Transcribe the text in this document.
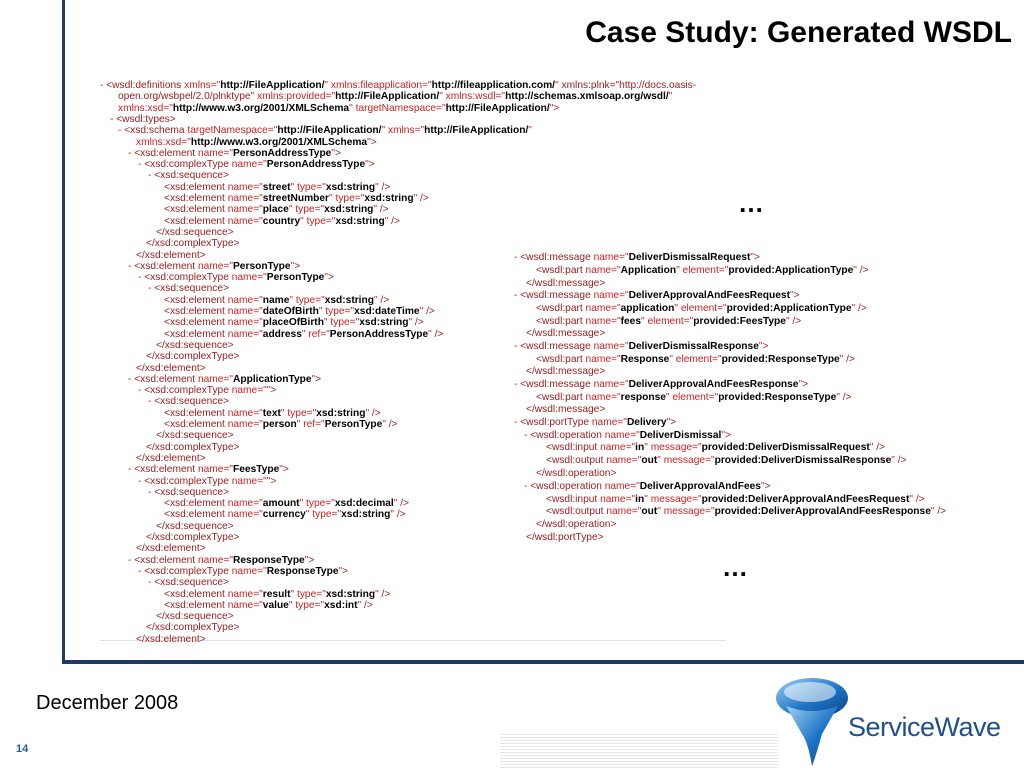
Case Study: Generated WSDL
- <wsdl:definitions xmlns="http://FileApplication/" xmlns:fileapplication="http://fileapplication.com/" xmlns:plnk="http://docs.oasis-
open.org/wsbpel/2.0/plnktype" xmlns:provided="http://FileApplication/" xmlns:wsdl="http://schemas.xmlsoap.org/wsdl/"
xmlns:xsd="http://www.w3.org/2001/XMLSchema" targetNamespace="http://FileApplication/">
- <wsdl:types>
- <xsd:schema targetNamespace="http://FileApplication/" xmlns="http://FileApplication/"
xmlns:xsd="http://www.w3.org/2001/XMLSchema">
- <xsd:element name="PersonAddressType">
- <xsd:complexType name="PersonAddressType">
- <xsd:sequence>
<xsd:element name="street" type="xsd:string" />
<xsd:element name="streetNumber" type="xsd:string" />
<xsd:element name="place" type="xsd:string" />
<xsd:element name="country" type="xsd:string" />
</xsd:sequence>
</xsd:complexType>
</xsd:element>
- <xsd:element name="PersonType">
- <xsd:complexType name="PersonType">
- <xsd:sequence>
<xsd:element name="name" type="xsd:string" />
<xsd:element name="dateOfBirth" type="xsd:dateTime" />
<xsd:element name="placeOfBirth" type="xsd:string" />
<xsd:element name="address" ref="PersonAddressType" />
</xsd:sequence>
</xsd:complexType>
</xsd:element>
- <xsd:element name="ApplicationType">
- <xsd:complexType name="">
- <xsd:sequence>
<xsd:element name="text" type="xsd:string" />
<xsd:element name="person" ref="PersonType" />
</xsd:sequence>
</xsd:complexType>
</xsd:element>
- <xsd:element name="FeesType">
- <xsd:complexType name="">
- <xsd:sequence>
<xsd:element name="amount" type="xsd:decimal" />
<xsd:element name="currency" type="xsd:string" />
</xsd:sequence>
</xsd:complexType>
</xsd:element>
- <xsd:element name="ResponseType">
- <xsd:complexType name="ResponseType">
- <xsd:sequence>
<xsd:element name="result" type="xsd:string" />
<xsd:element name="value" type="xsd:int" />
</xsd:sequence>
</xsd:complexType>
</xsd:element>
- <wsdl:message name="DeliverDismissalRequest">
<wsdl:part name="Application" element="provided:ApplicationType" />
</wsdl:message>
- <wsdl:message name="DeliverApprovalAndFeesRequest">
<wsdl:part name="application" element="provided:ApplicationType" />
<wsdl:part name="fees" element="provided:FeesType" />
</wsdl:message>
- <wsdl:message name="DeliverDismissalResponse">
<wsdl:part name="Response" element="provided:ResponseType" />
</wsdl:message>
- <wsdl:message name="DeliverApprovalAndFeesResponse">
<wsdl:part name="response" element="provided:ResponseType" />
</wsdl:message>
- <wsdl:portType name="Delivery">
- <wsdl:operation name="DeliverDismissal">
<wsdl:input name="in" message="provided:DeliverDismissalRequest" />
<wsdl:output name="out" message="provided:DeliverDismissalResponse" />
</wsdl:operation>
- <wsdl:operation name="DeliverApprovalAndFees">
<wsdl:input name="in" message="provided:DeliverApprovalAndFeesRequest" />
<wsdl:output name="out" message="provided:DeliverApprovalAndFeesResponse" />
</wsdl:operation>
</wsdl:portType>
…
…
December 2008
14
ServiceWave
